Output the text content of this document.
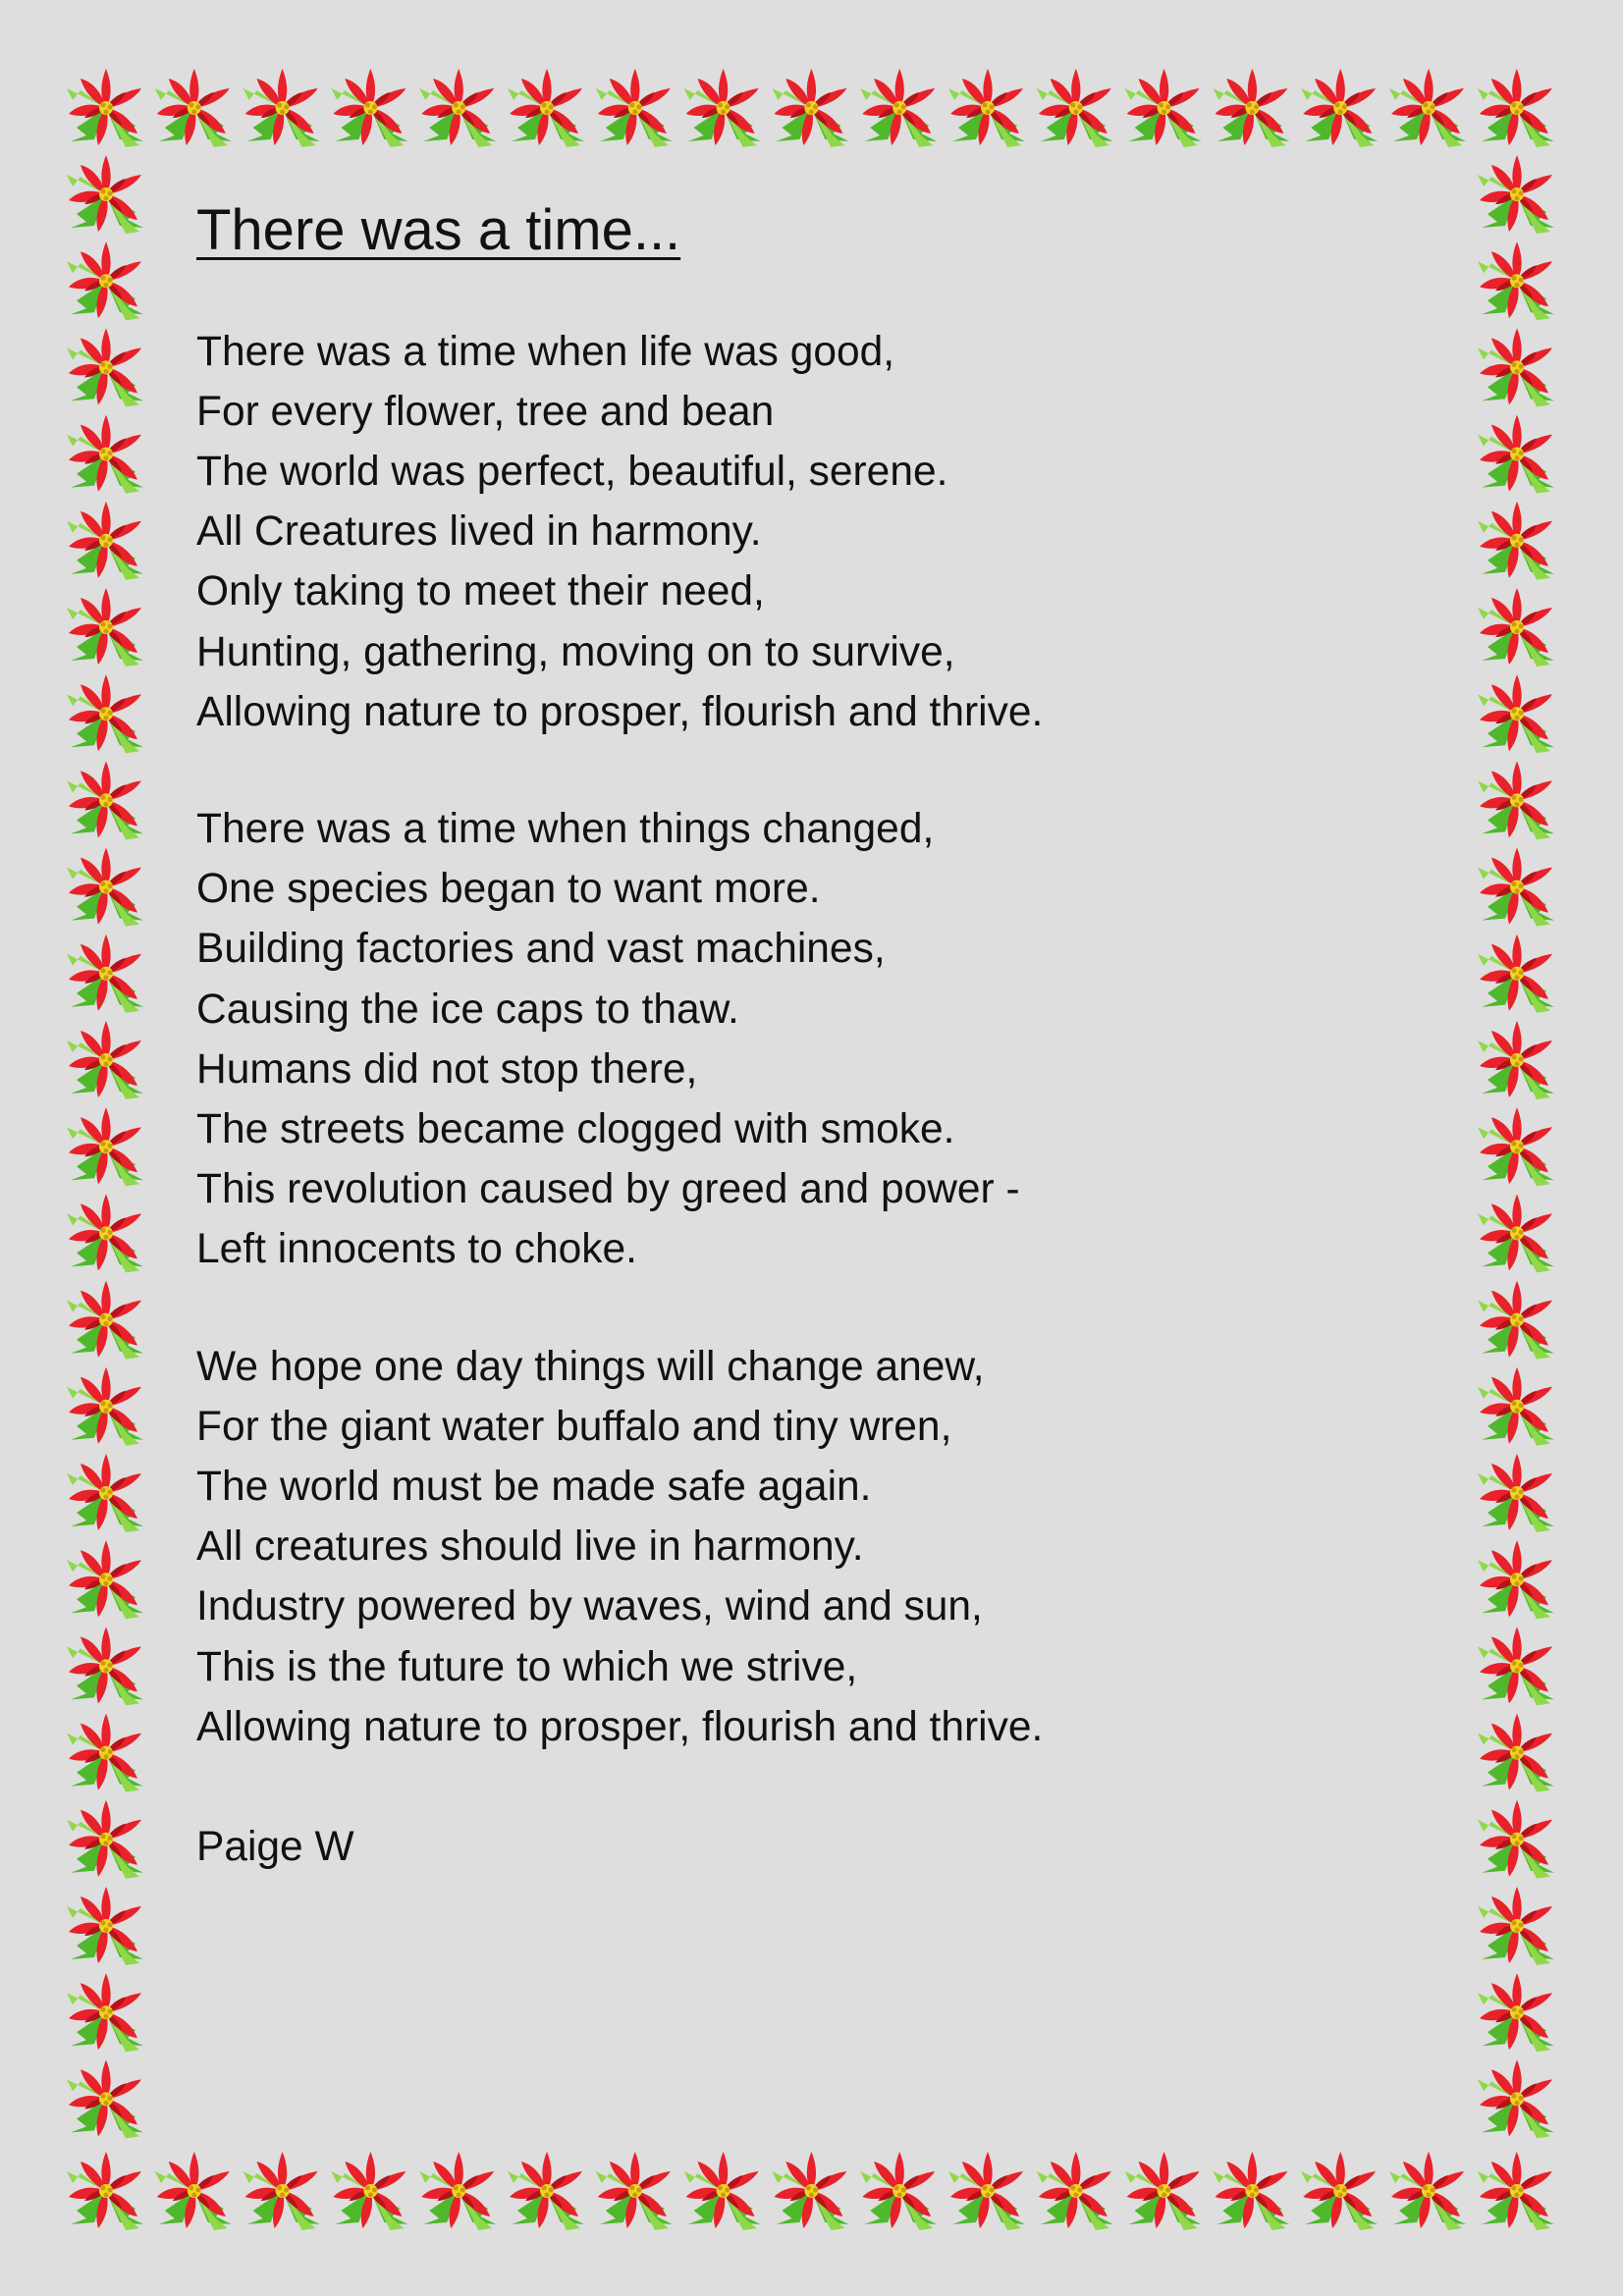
There was a time...
There was a time when life was good,
For every flower, tree and bean
The world was perfect, beautiful, serene.
All Creatures lived in harmony.
Only taking to meet their need,
Hunting, gathering, moving on to survive,
Allowing nature to prosper, flourish and thrive.
There was a time when things changed,
One species began to want more.
Building factories and vast machines,
Causing the ice caps to thaw.
Humans did not stop there,
The streets became clogged with smoke.
This revolution caused by greed and power -
Left innocents to choke.
We hope one day things will change anew,
For the giant water buffalo and tiny wren,
The world must be made safe again.
All creatures should live in harmony.
Industry powered by waves, wind and sun,
This is the future to which we strive,
Allowing nature to prosper, flourish and thrive.
Paige W
